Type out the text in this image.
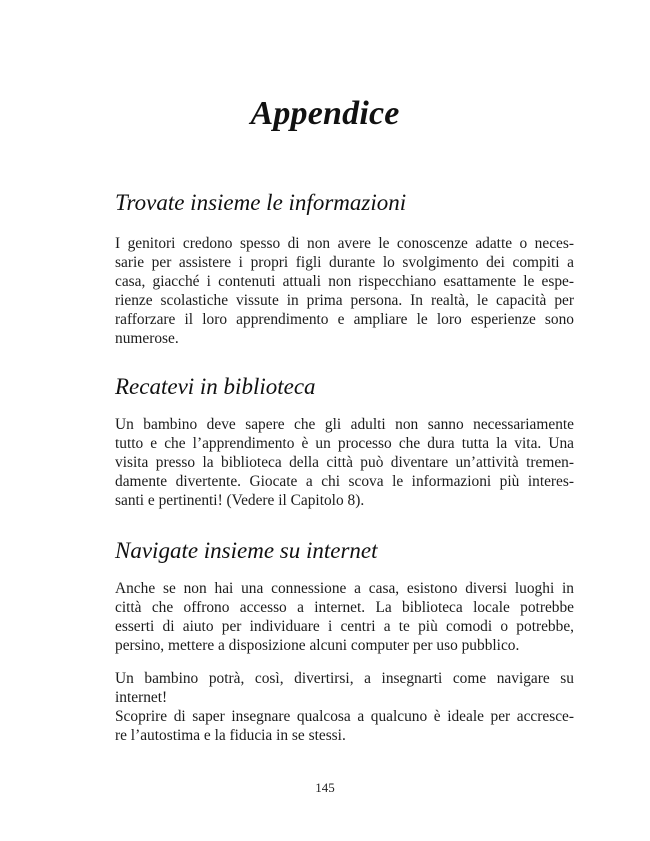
Appendice
Trovate insieme le informazioni
I genitori credono spesso di non avere le conoscenze adatte o neces-
sarie per assistere i propri figli durante lo svolgimento dei compiti a
casa, giacché i contenuti attuali non rispecchiano esattamente le espe-
rienze scolastiche vissute in prima persona. In realtà, le capacità per
rafforzare il loro apprendimento e ampliare le loro esperienze sono
numerose.
Recatevi in biblioteca
Un bambino deve sapere che gli adulti non sanno necessariamente
tutto e che l’apprendimento è un processo che dura tutta la vita. Una
visita presso la biblioteca della città può diventare un’attività tremen-
damente divertente. Giocate a chi scova le informazioni più interes-
santi e pertinenti! (Vedere il Capitolo 8).
Navigate insieme su internet
Anche se non hai una connessione a casa, esistono diversi luoghi in
città che offrono accesso a internet. La biblioteca locale potrebbe
esserti di aiuto per individuare i centri a te più comodi o potrebbe,
persino, mettere a disposizione alcuni computer per uso pubblico.
Un bambino potrà, così, divertirsi, a insegnarti come navigare su
internet!
Scoprire di saper insegnare qualcosa a qualcuno è ideale per accresce-
re l’autostima e la fiducia in se stessi.
145
